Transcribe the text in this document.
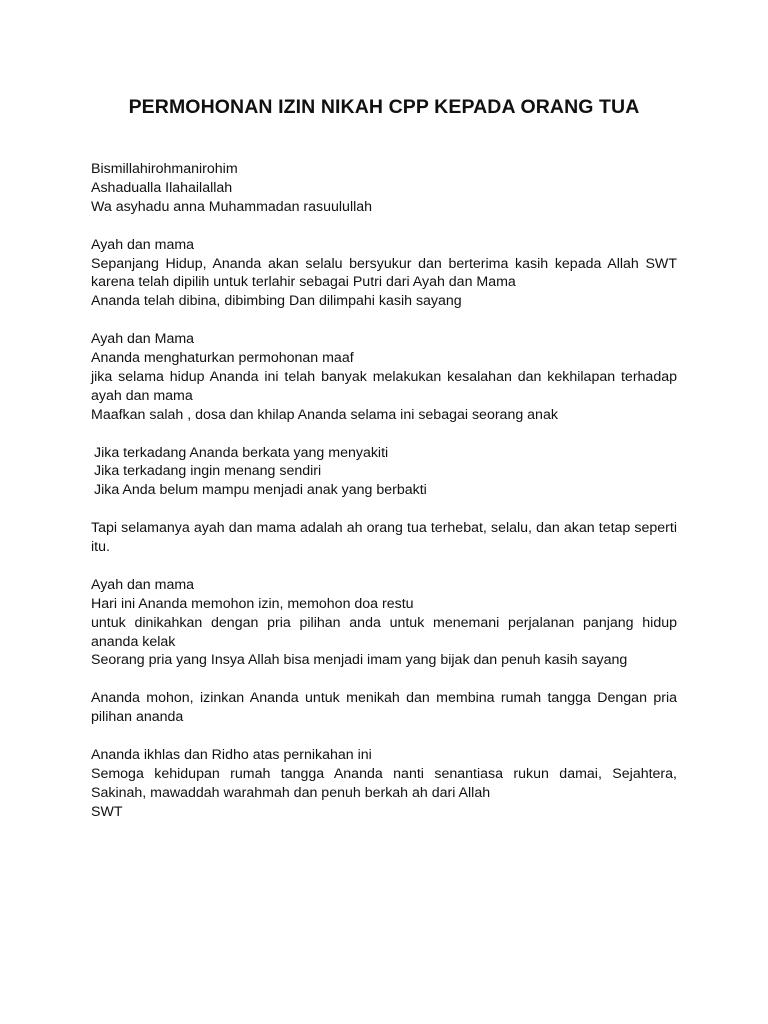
PERMOHONAN IZIN NIKAH CPP KEPADA ORANG TUA
Bismillahirohmanirohim
Ashadualla Ilahailallah
Wa asyhadu anna Muhammadan rasuulullah
Ayah dan mama
Sepanjang Hidup, Ananda akan selalu bersyukur dan berterima kasih kepada Allah SWT karena telah dipilih untuk terlahir sebagai Putri dari Ayah dan Mama
Ananda telah dibina, dibimbing Dan dilimpahi kasih sayang
Ayah dan Mama
Ananda menghaturkan permohonan maaf
jika selama hidup Ananda ini telah banyak melakukan kesalahan dan kekhilapan terhadap ayah dan mama
Maafkan salah , dosa dan khilap Ananda selama ini sebagai seorang anak
Jika terkadang Ananda berkata yang menyakiti
Jika terkadang ingin menang sendiri
Jika Anda belum mampu menjadi anak yang berbakti
Tapi selamanya ayah dan mama adalah ah orang tua terhebat, selalu, dan akan tetap seperti itu.
Ayah dan mama
Hari ini Ananda memohon izin, memohon doa restu
untuk dinikahkan dengan pria pilihan anda untuk menemani perjalanan panjang hidup ananda kelak
Seorang pria yang Insya Allah bisa menjadi imam yang bijak dan penuh kasih sayang
Ananda mohon, izinkan Ananda untuk menikah dan membina rumah tangga Dengan pria pilihan ananda
Ananda ikhlas dan Ridho atas pernikahan ini
Semoga kehidupan rumah tangga Ananda nanti senantiasa rukun damai, Sejahtera, Sakinah, mawaddah warahmah dan penuh berkah ah dari Allah
SWT
